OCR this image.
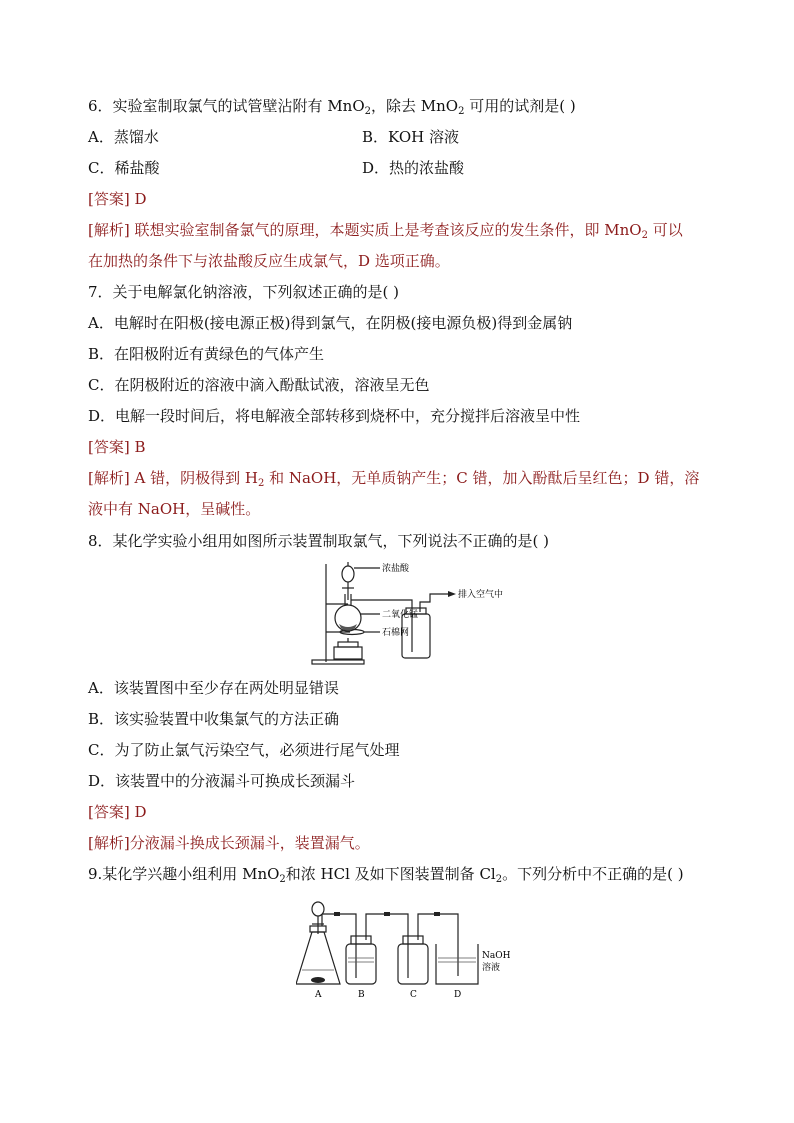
6．实验室制取氯气的试管壁沾附有 MnO$_2$，除去 MnO$_2$ 可用的试剂是( )
A．蒸馏水	B．KOH 溶液
C．稀盐酸	D．热的浓盐酸
[答案] D
[解析] 联想实验室制备氯气的原理，本题实质上是考查该反应的发生条件，即 MnO$_2$ 可以
在加热的条件下与浓盐酸反应生成氯气，D 选项正确。
7．关于电解氯化钠溶液，下列叙述正确的是( )
A．电解时在阳极(接电源正极)得到氯气，在阴极(接电源负极)得到金属钠
B．在阳极附近有黄绿色的气体产生
C．在阴极附近的溶液中滴入酚酞试液，溶液呈无色
D．电解一段时间后，将电解液全部转移到烧杯中，充分搅拌后溶液呈中性
[答案] B
[解析] A 错，阴极得到 $H_2$ 和 NaOH，无单质钠产生；C 错，加入酚酞后呈红色；D 错，溶
液中有 NaOH，呈碱性。
8．某化学实验小组用如图所示装置制取氯气，下列说法不正确的是( )
浓盐酸
二氧化锰
石棉网
排入空气中
A．该装置图中至少存在两处明显错误
B．该实验装置中收集氯气的方法正确
C．为了防止氯气污染空气，必须进行尾气处理
D．该装置中的分液漏斗可换成长颈漏斗
[答案] D
[解析]分液漏斗换成长颈漏斗，装置漏气。
9.某化学兴趣小组利用 MnO$_2$和浓 HCl 及如下图装置制备 $Cl_2$。下列分析中不正确的是( )
NaOH
溶液
A	B	C	D
